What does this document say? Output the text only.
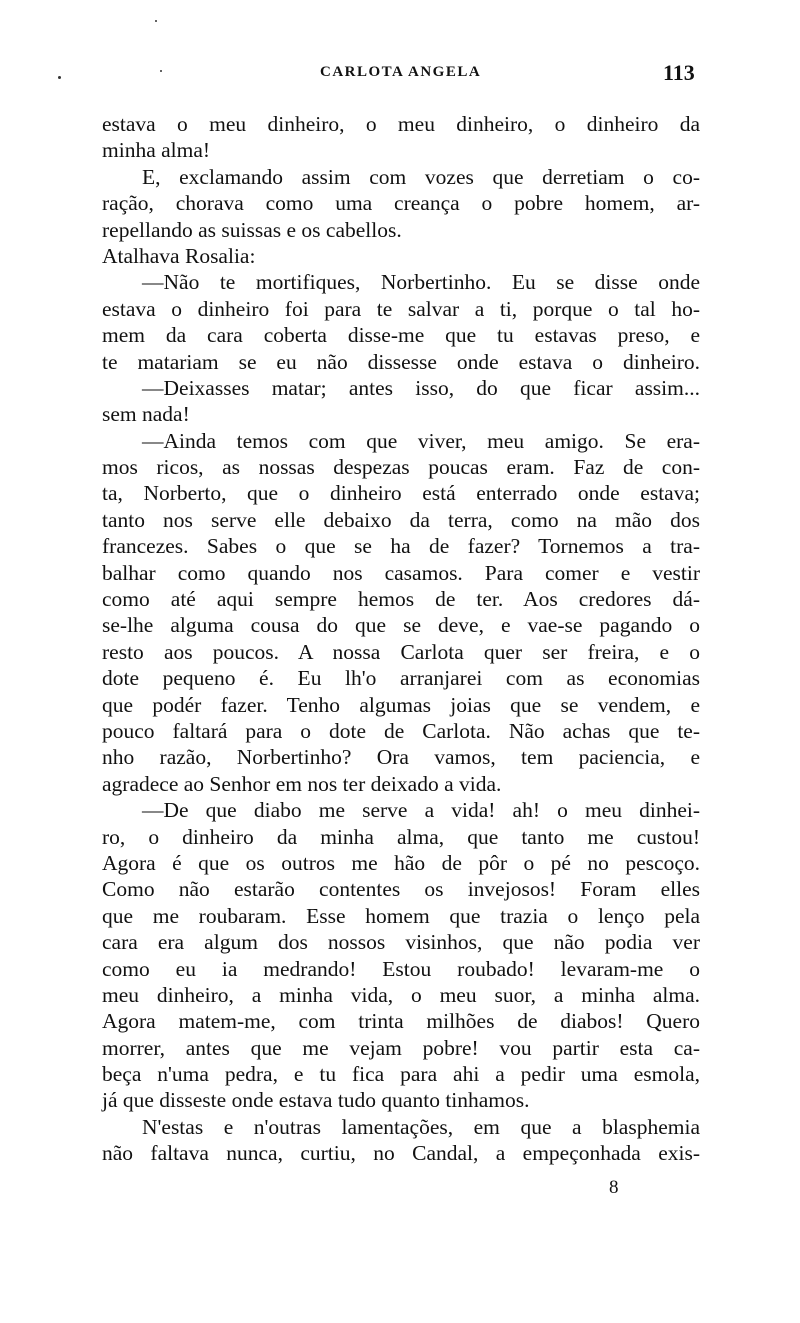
CARLOTA ANGELA	113
estava o meu dinheiro, o meu dinheiro, o dinheiro da
minha alma!
E, exclamando assim com vozes que derretiam o co-
ração, chorava como uma creança o pobre homem, ar-
repellando as suissas e os cabellos.
Atalhava Rosalia:
—Não te mortifiques, Norbertinho. Eu se disse onde
estava o dinheiro foi para te salvar a ti, porque o tal ho-
mem da cara coberta disse-me que tu estavas preso, e
te matariam se eu não dissesse onde estava o dinheiro.
—Deixasses matar; antes isso, do que ficar assim...
sem nada!
—Ainda temos com que viver, meu amigo. Se era-
mos ricos, as nossas despezas poucas eram. Faz de con-
ta, Norberto, que o dinheiro está enterrado onde estava;
tanto nos serve elle debaixo da terra, como na mão dos
francezes. Sabes o que se ha de fazer? Tornemos a tra-
balhar como quando nos casamos. Para comer e vestir
como até aqui sempre hemos de ter. Aos credores dá-
se-lhe alguma cousa do que se deve, e vae-se pagando o
resto aos poucos. A nossa Carlota quer ser freira, e o
dote pequeno é. Eu lh'o arranjarei com as economias
que podér fazer. Tenho algumas joias que se vendem, e
pouco faltará para o dote de Carlota. Não achas que te-
nho razão, Norbertinho? Ora vamos, tem paciencia, e
agradece ao Senhor em nos ter deixado a vida.
—De que diabo me serve a vida! ah! o meu dinhei-
ro, o dinheiro da minha alma, que tanto me custou!
Agora é que os outros me hão de pôr o pé no pescoço.
Como não estarão contentes os invejosos! Foram elles
que me roubaram. Esse homem que trazia o lenço pela
cara era algum dos nossos visinhos, que não podia ver
como eu ia medrando! Estou roubado! levaram-me o
meu dinheiro, a minha vida, o meu suor, a minha alma.
Agora matem-me, com trinta milhões de diabos! Quero
morrer, antes que me vejam pobre! vou partir esta ca-
beça n'uma pedra, e tu fica para ahi a pedir uma esmola,
já que disseste onde estava tudo quanto tinhamos.
N'estas e n'outras lamentações, em que a blasphemia
não faltava nunca, curtiu, no Candal, a empeçonhada exis-
8
